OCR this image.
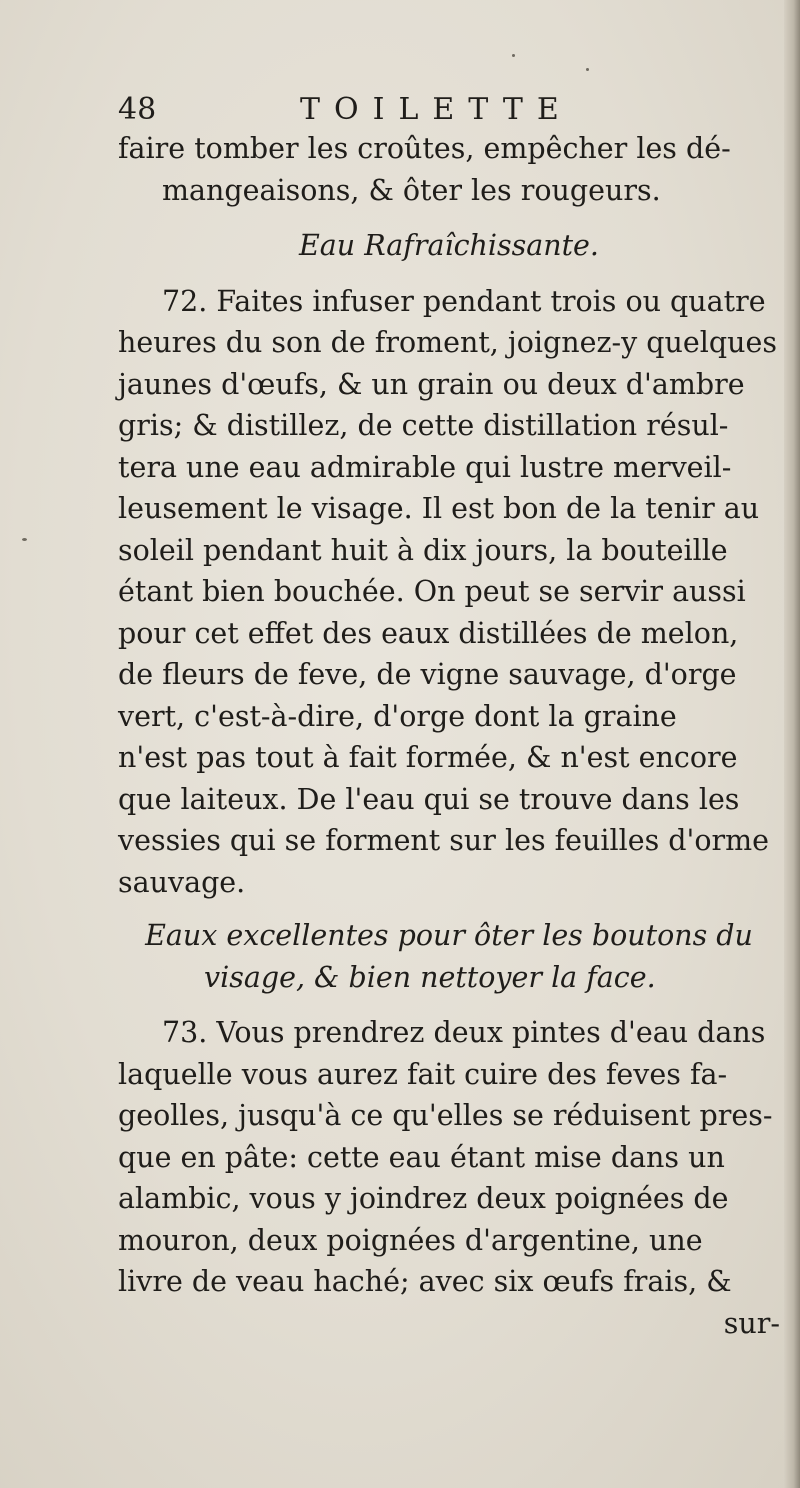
48	TOILETTE
faire tomber les croûtes, empêcher les dé-
mangeaisons, & ôter les rougeurs.
Eau Rafraîchissante.
72. Faites infuser pendant trois ou quatre
heures du son de froment, joignez-y quelques
jaunes d'œufs, & un grain ou deux d'ambre
gris; & distillez, de cette distillation résul-
tera une eau admirable qui lustre merveil-
leusement le visage. Il est bon de la tenir au
soleil pendant huit à dix jours, la bouteille
étant bien bouchée. On peut se servir aussi
pour cet effet des eaux distillées de melon,
de fleurs de feve, de vigne sauvage, d'orge
vert, c'est-à-dire, d'orge dont la graine
n'est pas tout à fait formée, & n'est encore
que laiteux. De l'eau qui se trouve dans les
vessies qui se forment sur les feuilles d'orme
sauvage.
Eaux excellentes pour ôter les boutons du
visage, & bien nettoyer la face.
73. Vous prendrez deux pintes d'eau dans
laquelle vous aurez fait cuire des feves fa-
geolles, jusqu'à ce qu'elles se réduisent pres-
que en pâte: cette eau étant mise dans un
alambic, vous y joindrez deux poignées de
mouron, deux poignées d'argentine, une
livre de veau haché; avec six œufs frais, &
sur-
